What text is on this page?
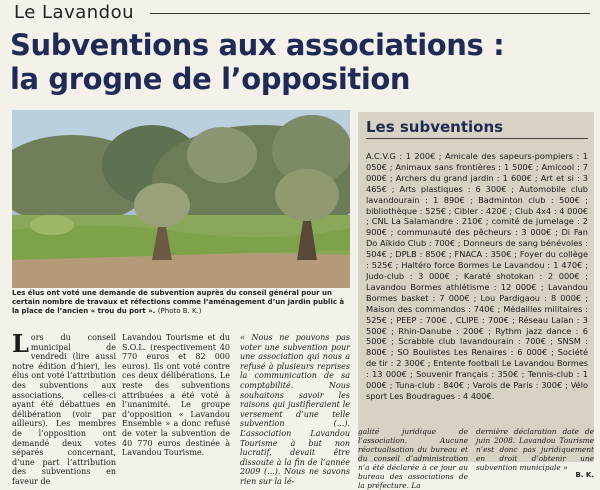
Le Lavandou
Subventions aux associations :
la grogne de l’opposition
Les élus ont voté une demande de subvention auprès du conseil général pour un certain nombre de travaux et réfections comme l’aménagement d’un jardin public à la place de l’ancien « trou du port ». (Photo B. K.)
Les subventions
A.C.V.G : 1 200€ ; Amicale des sapeurs-pompiers : 1 050€ ; Animaux sans frontières : 1 500€ ; Amicool : 7 000€ ; Archers du grand jardin : 1 600€ ; Art et si : 3 465€ ; Arts plastiques : 6 300€ ; Automobile club lavandourain : 1 890€ ; Badminton club : 500€ ; bibliothèque : 525€ ; Cibler : 420€ ; Club 4x4 : 4 000€ ; CNL La Salamandre : 210€ ; comité de jumelage : 2 900€ ; communauté des pêcheurs : 3 000€ ; Di Fan Do Aïkido Club : 700€ ; Donneurs de sang bénévoles : 504€ ; DPLB : 850€ ; FNACA : 350€ ; Foyer du collège : 525€ ; Haltéro force Bormes Le Lavandou : 1 470€ ; Judo-club : 3 000€ ; Karaté shotokan : 2 000€ ; Lavandou Bormes athlétisme : 12 000€ ; Lavandou Bormes basket : 7 000€ ; Lou Pardigaou : 8 000€ ; Maison des commandos : 740€ ; Médailles militaires : 525€ ; PEEP : 700€ , CLIPE : 700€ ; Réseau Lalan : 3 500€ ; Rhin-Danube : 200€ ; Rythm jazz dance : 6 500€ ; Scrabble club lavandourain : 700€ ; SNSM : 800€ ; SO Boulistes Les Renaires : 6 000€ ; Société de tir : 2 300€ ; Entente football Le Lavandou Bormes : 13 000€ ; Souvenir français : 350€ ; Tennis-club : 1 000€ ; Tuna-club : 840€ ; Varois de Paris : 300€ ; Vélo sport Les Boudragues : 4 400€.
L ors du conseil municipal de vendredi (lire aussi notre édition d’hier), les élus ont voté l’attribution des subventions aux associations, celles-ci ayant été débattues en délibération (voir par ailleurs). Les membres de l’opposition ont demandé deux votes séparés concernant, d’une part l’attribution des subventions en faveur de
Lavandou Tourisme et du S.O.L. (respectivement 40 770 euros et 82 000 euros). Ils ont voté contre ces deux délibérations. Le reste des subventions attribuées a été voté à l’unanimité. Le groupe d’opposition « Lavandou Ensemble » a donc refusé de voter la subvention de 40 770 euros destinée à Lavandou Tourisme.
« Nous ne pouvons pas voter une subvention pour une association qui nous a refusé à plusieurs reprises la communication de sa comptabilité. Nous souhaitons savoir les raisons qui justifieraient le versement d’une telle subvention (...). L’association Lavandou Tourisme à but non lucratif, devait être dissoute à la fin de l’année 2009 (...). Nous ne savons rien sur la lé-
galité juridique de l’association. Aucune réactualisation du bureau et du conseil d’administration n’a été déclarée à ce jour au bureau des associations de la préfecture. La
dernière déclaration date de juin 2008. Lavandou Tourisme n’est donc pas juridiquement en droit d’obtenir une subvention municipale »
B. K.
